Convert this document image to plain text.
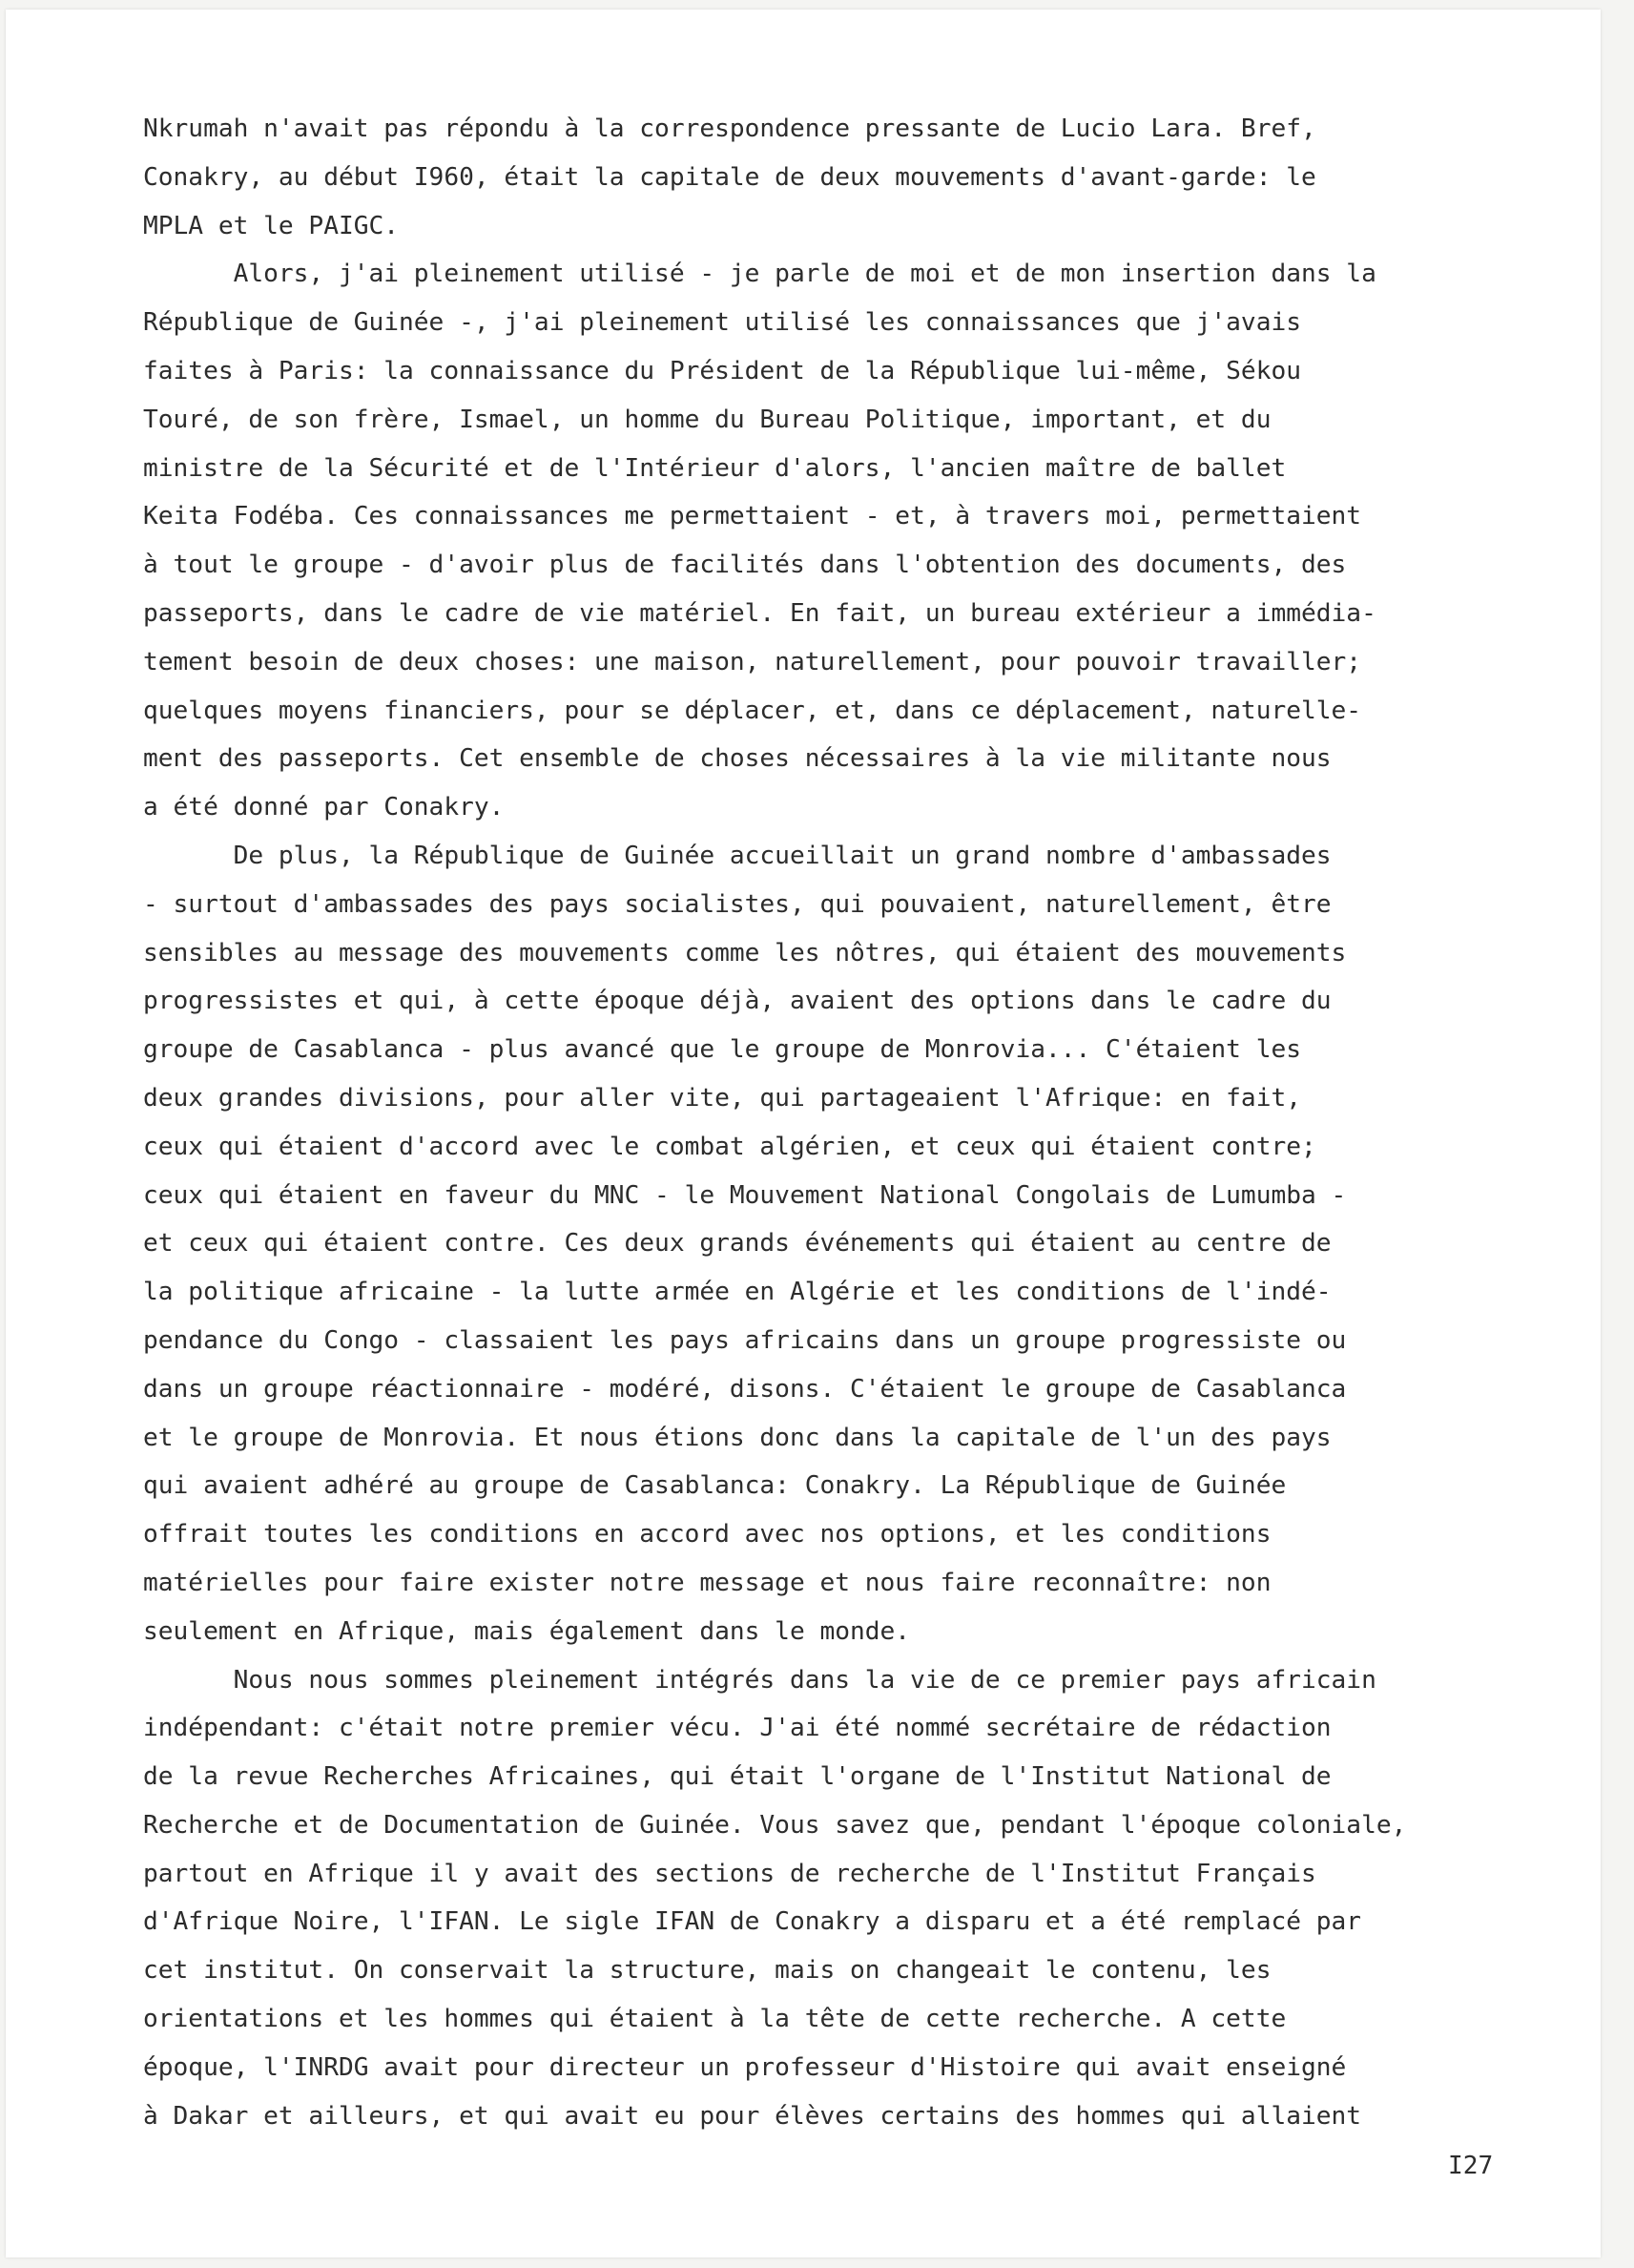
Nkrumah n'avait pas répondu à la correspondence pressante de Lucio Lara. Bref,
Conakry, au début I960, était la capitale de deux mouvements d'avant-garde: le
MPLA et le PAIGC.
Alors, j'ai pleinement utilisé - je parle de moi et de mon insertion dans la
République de Guinée -, j'ai pleinement utilisé les connaissances que j'avais
faites à Paris: la connaissance du Président de la République lui-même, Sékou
Touré, de son frère, Ismael, un homme du Bureau Politique, important, et du
ministre de la Sécurité et de l'Intérieur d'alors, l'ancien maître de ballet
Keita Fodéba. Ces connaissances me permettaient - et, à travers moi, permettaient
à tout le groupe - d'avoir plus de facilités dans l'obtention des documents, des
passeports, dans le cadre de vie matériel. En fait, un bureau extérieur a immédia-
tement besoin de deux choses: une maison, naturellement, pour pouvoir travailler;
quelques moyens financiers, pour se déplacer, et, dans ce déplacement, naturelle-
ment des passeports. Cet ensemble de choses nécessaires à la vie militante nous
a été donné par Conakry.
De plus, la République de Guinée accueillait un grand nombre d'ambassades
- surtout d'ambassades des pays socialistes, qui pouvaient, naturellement, être
sensibles au message des mouvements comme les nôtres, qui étaient des mouvements
progressistes et qui, à cette époque déjà, avaient des options dans le cadre du
groupe de Casablanca - plus avancé que le groupe de Monrovia... C'étaient les
deux grandes divisions, pour aller vite, qui partageaient l'Afrique: en fait,
ceux qui étaient d'accord avec le combat algérien, et ceux qui étaient contre;
ceux qui étaient en faveur du MNC - le Mouvement National Congolais de Lumumba -
et ceux qui étaient contre. Ces deux grands événements qui étaient au centre de
la politique africaine - la lutte armée en Algérie et les conditions de l'indé-
pendance du Congo - classaient les pays africains dans un groupe progressiste ou
dans un groupe réactionnaire - modéré, disons. C'étaient le groupe de Casablanca
et le groupe de Monrovia. Et nous étions donc dans la capitale de l'un des pays
qui avaient adhéré au groupe de Casablanca: Conakry. La République de Guinée
offrait toutes les conditions en accord avec nos options, et les conditions
matérielles pour faire exister notre message et nous faire reconnaître: non
seulement en Afrique, mais également dans le monde.
Nous nous sommes pleinement intégrés dans la vie de ce premier pays africain
indépendant: c'était notre premier vécu. J'ai été nommé secrétaire de rédaction
de la revue Recherches Africaines, qui était l'organe de l'Institut National de
Recherche et de Documentation de Guinée. Vous savez que, pendant l'époque coloniale,
partout en Afrique il y avait des sections de recherche de l'Institut Français
d'Afrique Noire, l'IFAN. Le sigle IFAN de Conakry a disparu et a été remplacé par
cet institut. On conservait la structure, mais on changeait le contenu, les
orientations et les hommes qui étaient à la tête de cette recherche. A cette
époque, l'INRDG avait pour directeur un professeur d'Histoire qui avait enseigné
à Dakar et ailleurs, et qui avait eu pour élèves certains des hommes qui allaient
I27
